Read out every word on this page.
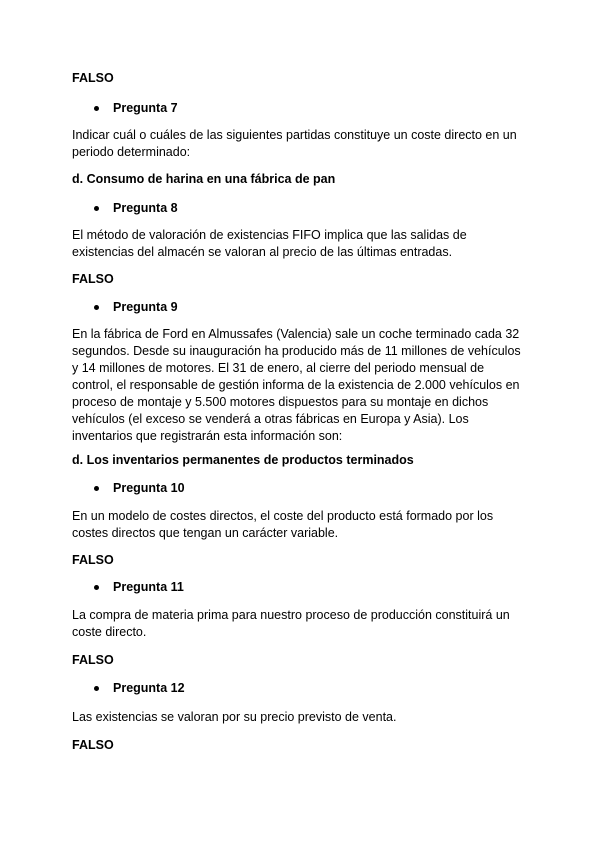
FALSO
Pregunta 7
Indicar cuál o cuáles de las siguientes partidas constituye un coste directo en un periodo determinado:
d. Consumo de harina en una fábrica de pan
Pregunta 8
El método de valoración de existencias FIFO implica que las salidas de existencias del almacén se valoran al precio de las últimas entradas.
FALSO
Pregunta 9
En la fábrica de Ford en Almussafes (Valencia) sale un coche terminado cada 32 segundos. Desde su inauguración ha producido más de 11 millones de vehículos y 14 millones de motores. El 31 de enero, al cierre del periodo mensual de control, el responsable de gestión informa de la existencia de 2.000 vehículos en proceso de montaje y 5.500 motores dispuestos para su montaje en dichos vehículos (el exceso se venderá a otras fábricas en Europa y Asia). Los inventarios que registrarán esta información son:
d. Los inventarios permanentes de productos terminados
Pregunta 10
En un modelo de costes directos, el coste del producto está formado por los costes directos que tengan un carácter variable.
FALSO
Pregunta 11
La compra de materia prima para nuestro proceso de producción constituirá un coste directo.
FALSO
Pregunta 12
Las existencias se valoran por su precio previsto de venta.
FALSO
